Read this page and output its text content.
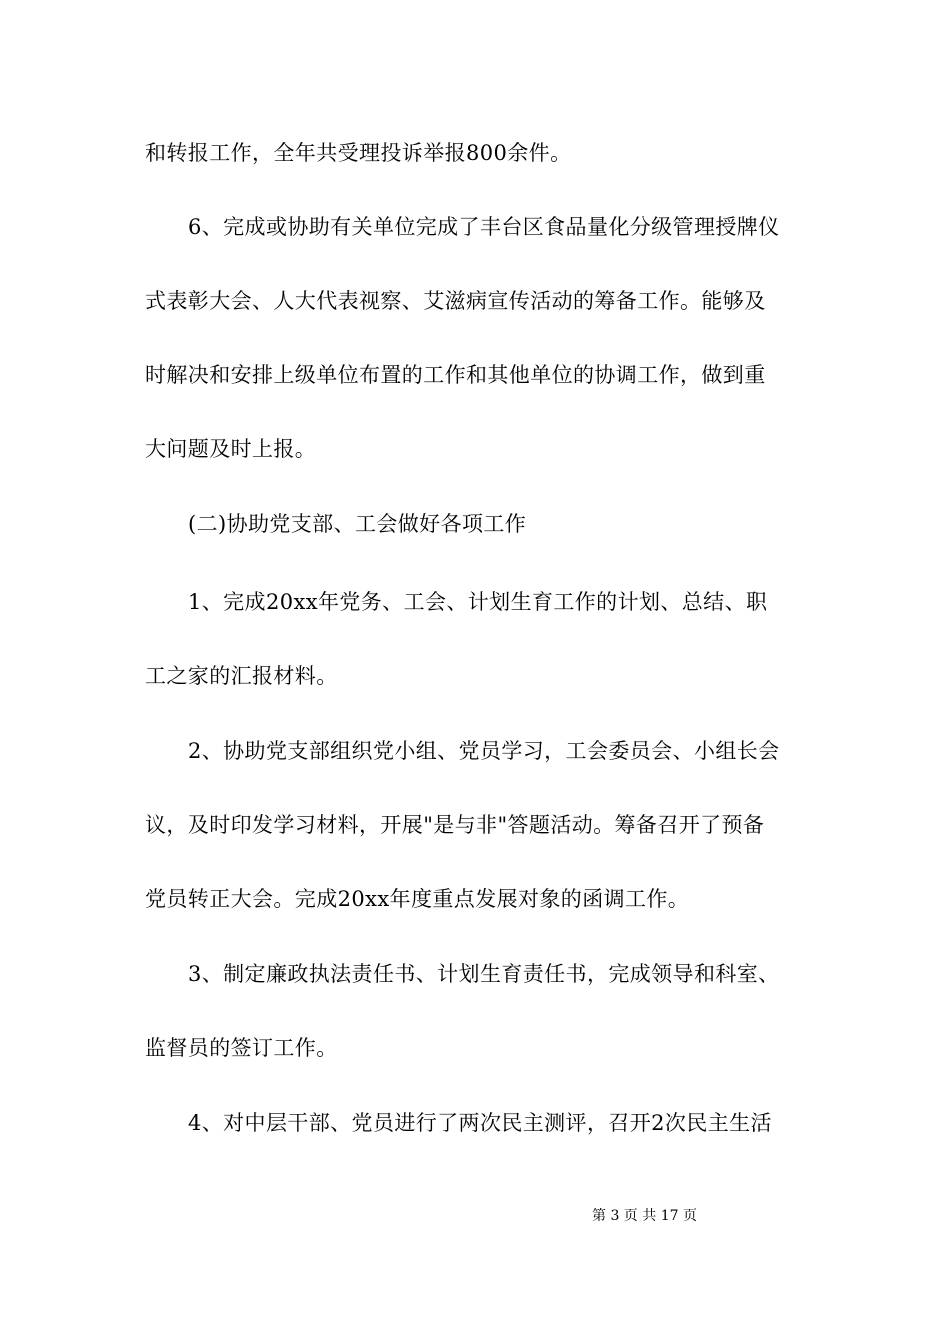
和转报工作，全年共受理投诉举报800余件。
6、完成或协助有关单位完成了丰台区食品量化分级管理授牌仪
式表彰大会、人大代表视察、艾滋病宣传活动的筹备工作。能够及
时解决和安排上级单位布置的工作和其他单位的协调工作，做到重
大问题及时上报。
(二)协助党支部、工会做好各项工作
1、完成20xx年党务、工会、计划生育工作的计划、总结、职
工之家的汇报材料。
2、协助党支部组织党小组、党员学习，工会委员会、小组长会
议，及时印发学习材料，开展"是与非"答题活动。筹备召开了预备
党员转正大会。完成20xx年度重点发展对象的函调工作。
3、制定廉政执法责任书、计划生育责任书，完成领导和科室、
监督员的签订工作。
4、对中层干部、党员进行了两次民主测评，召开2次民主生活
第 3 页 共 17 页
